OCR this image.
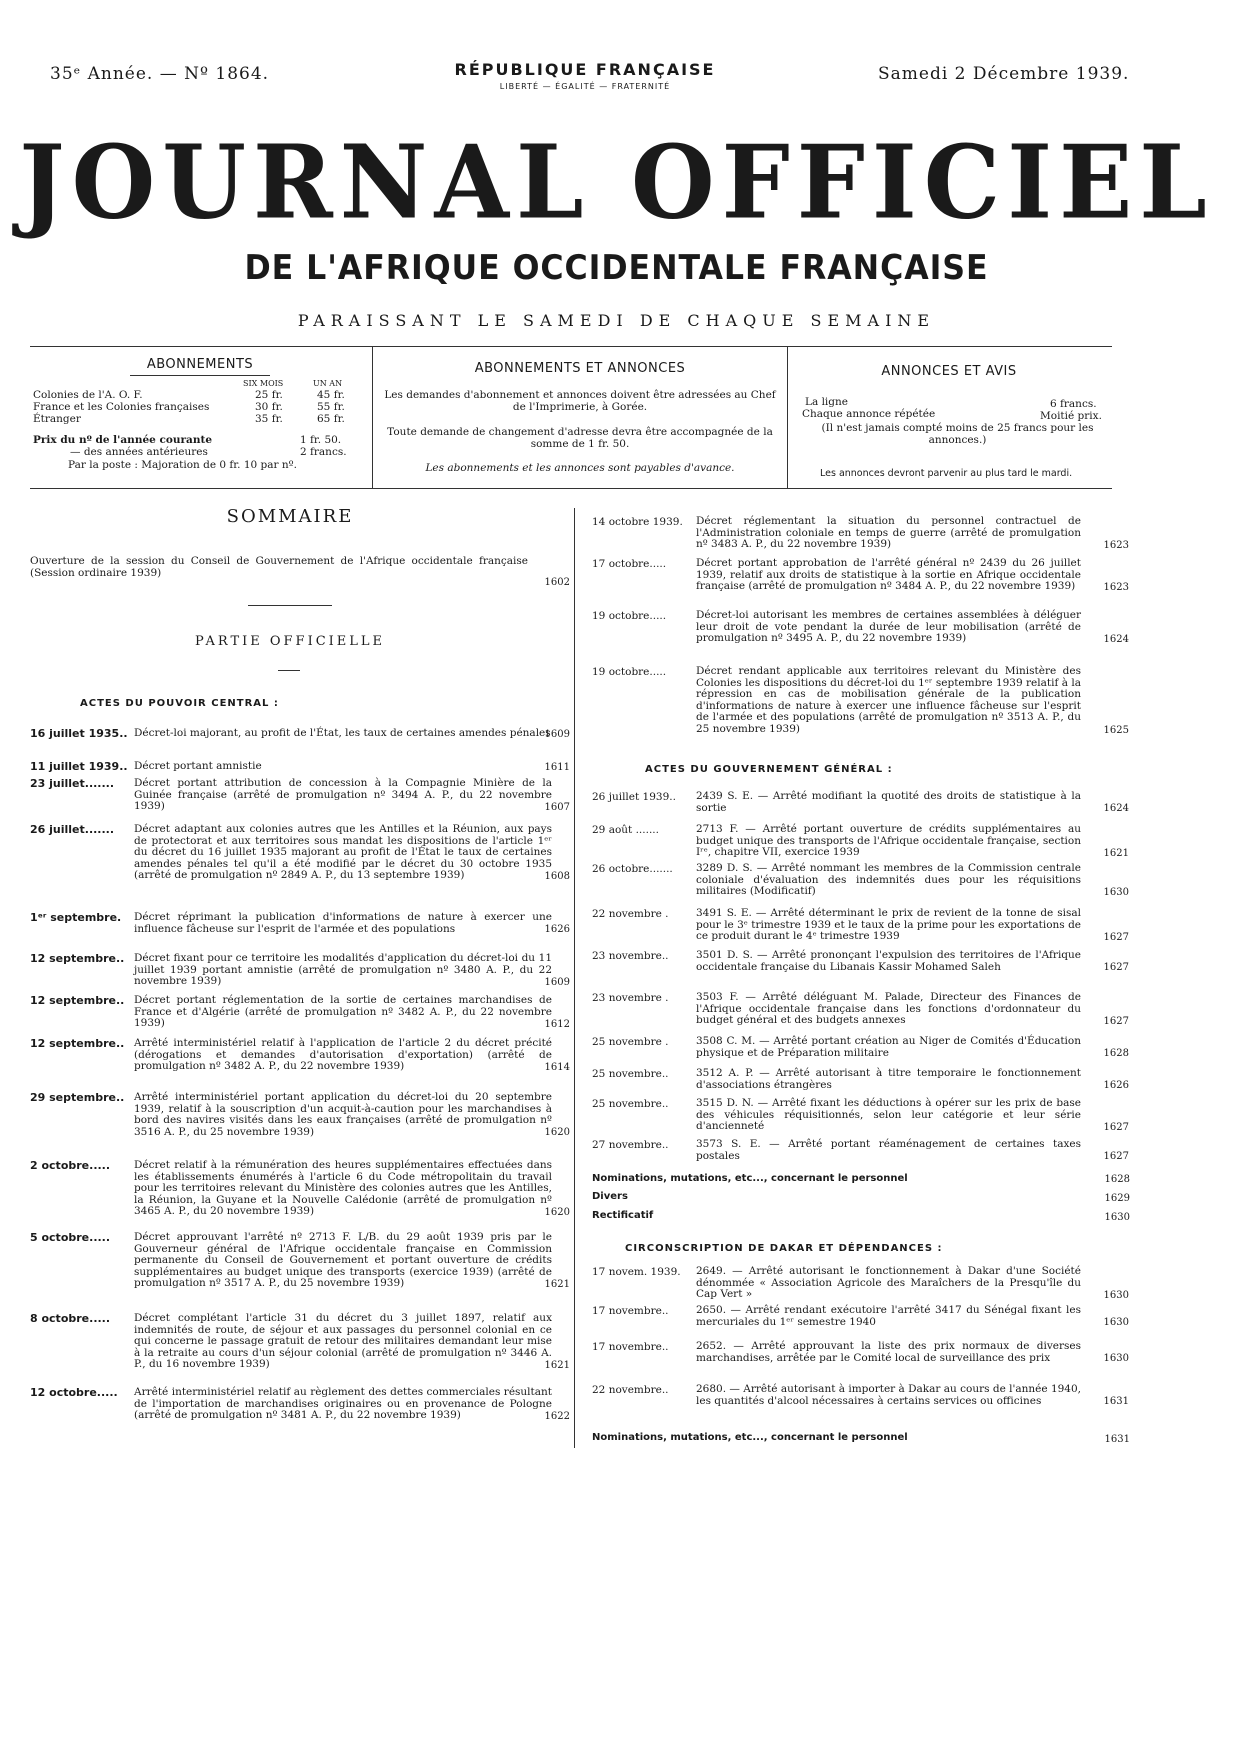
35ᵉ Année. — Nº 1864.	RÉPUBLIQUE FRANÇAISE
LIBERTÉ — ÉGALITÉ — FRATERNITÉ
Samedi 2 Décembre 1939.
JOURNAL OFFICIEL
DE L'AFRIQUE OCCIDENTALE FRANÇAISE
PARAISSANT LE SAMEDI DE CHAQUE SEMAINE
ABONNEMENTS
SIX MOIS	UN AN
Colonies de l'A. O. F.	25 fr.	45 fr.
France et les Colonies françaises	30 fr.	55 fr.
Étranger	35 fr.	65 fr.
Prix du nº de l'année courante	1 fr. 50.
— des années antérieures	2 francs.
Par la poste : Majoration de 0 fr. 10 par nº.
ABONNEMENTS ET ANNONCES
Les demandes d'abonnement et annonces doivent être adressées au Chef de l'Imprimerie, à Gorée.
Toute demande de changement d'adresse devra être accompagnée de la somme de 1 fr. 50.
Les abonnements et les annonces sont payables d'avance.
ANNONCES ET AVIS
La ligne	6 francs.
Chaque annonce répétée	Moitié prix.
(Il n'est jamais compté moins de 25 francs pour les annonces.)
Les annonces devront parvenir au plus tard le mardi.
SOMMAIRE
Ouverture de la session du Conseil de Gouvernement de l'Afrique occidentale française (Session ordinaire 1939)
1602
PARTIE OFFICIELLE
ACTES DU POUVOIR CENTRAL :
16 juillet 1935.. Décret-loi majorant, au profit de l'État, les taux de certaines amendes pénales
1609
11 juillet 1939.. Décret portant amnistie	1611
23 juillet.......	Décret portant attribution de concession à la Compagnie Minière de la Guinée française (arrêté de promulgation nº 3494 A. P., du 22 novembre 1939)	1607
26 juillet.......	Décret adaptant aux colonies autres que les Antilles et la Réunion, aux pays de protectorat et aux territoires sous mandat les dispositions de l'article 1ᵉʳ du décret du 16 juillet 1935 majorant au profit de l'État le taux de certaines amendes pénales tel qu'il a été modifié par le décret du 30 octobre 1935 (arrêté de promulgation nº 2849 A. P., du 13 septembre 1939)	1608
1ᵉʳ septembre.	Décret réprimant la publication d'informations de nature à exercer une influence fâcheuse sur l'esprit de l'armée et des populations	1626
12 septembre.. Décret fixant pour ce territoire les modalités d'application du décret-loi du 11 juillet 1939 portant amnistie (arrêté de promulgation nº 3480 A. P., du 22 novembre 1939)	1609
12 septembre.. Décret portant réglementation de la sortie de certaines marchandises de France et d'Algérie (arrêté de promulgation nº 3482 A. P., du 22 novembre 1939)	1612
12 septembre.. Arrêté interministériel relatif à l'application de l'article 2 du décret précité (dérogations et demandes d'autorisation d'exportation) (arrêté de promulgation nº 3482 A. P., du 22 novembre 1939)	1614
29 septembre.. Arrêté interministériel portant application du décret-loi du 20 septembre 1939, relatif à la souscription d'un acquit-à-caution pour les marchandises à bord des navires visités dans les eaux françaises (arrêté de promulgation nº 3516 A. P., du 25 novembre 1939)	1620
2 octobre.....	Décret relatif à la rémunération des heures supplémentaires effectuées dans les établissements énumérés à l'article 6 du Code métropolitain du travail pour les territoires relevant du Ministère des colonies autres que les Antilles, la Réunion, la Guyane et la Nouvelle Calédonie (arrêté de promulgation nº 3465 A. P., du 20 novembre 1939)	1620
5 octobre.....	Décret approuvant l'arrêté nº 2713 F. L/B. du 29 août 1939 pris par le Gouverneur général de l'Afrique occidentale française en Commission permanente du Conseil de Gouvernement et portant ouverture de crédits supplémentaires au budget unique des transports (exercice 1939) (arrêté de promulgation nº 3517 A. P., du 25 novembre 1939)	1621
8 octobre.....	Décret complétant l'article 31 du décret du 3 juillet 1897, relatif aux indemnités de route, de séjour et aux passages du personnel colonial en ce qui concerne le passage gratuit de retour des militaires demandant leur mise à la retraite au cours d'un séjour colonial (arrêté de promulgation nº 3446 A. P., du 16 novembre 1939)	1621
12 octobre.....	Arrêté interministériel relatif au règlement des dettes commerciales résultant de l'importation de marchandises originaires ou en provenance de Pologne (arrêté de promulgation nº 3481 A. P., du 22 novembre 1939)	1622
14 octobre 1939.	Décret réglementant la situation du personnel contractuel de l'Administration coloniale en temps de guerre (arrêté de promulgation nº 3483 A. P., du 22 novembre 1939)	1623
17 octobre.....	Décret portant approbation de l'arrêté général nº 2439 du 26 juillet 1939, relatif aux droits de statistique à la sortie en Afrique occidentale française (arrêté de promulgation nº 3484 A. P., du 22 novembre 1939)	1623
19 octobre.....	Décret-loi autorisant les membres de certaines assemblées à déléguer leur droit de vote pendant la durée de leur mobilisation (arrêté de promulgation nº 3495 A. P., du 22 novembre 1939)	1624
19 octobre.....	Décret rendant applicable aux territoires relevant du Ministère des Colonies les dispositions du décret-loi du 1ᵉʳ septembre 1939 relatif à la répression en cas de mobilisation générale de la publication d'informations de nature à exercer une influence fâcheuse sur l'esprit de l'armée et des populations (arrêté de promulgation nº 3513 A. P., du 25 novembre 1939)	1625
ACTES DU GOUVERNEMENT GÉNÉRAL :
26 juillet 1939..	2439 S. E. — Arrêté modifiant la quotité des droits de statistique à la sortie	1624
29 août .......	2713 F. — Arrêté portant ouverture de crédits supplémentaires au budget unique des transports de l'Afrique occidentale française, section Iʳᵉ, chapitre VII, exercice 1939	1621
26 octobre.......	3289 D. S. — Arrêté nommant les membres de la Commission centrale coloniale d'évaluation des indemnités dues pour les réquisitions militaires (Modificatif)	1630
22 novembre .	3491 S. E. — Arrêté déterminant le prix de revient de la tonne de sisal pour le 3ᵉ trimestre 1939 et le taux de la prime pour les exportations de ce produit durant le 4ᵉ trimestre 1939	1627
23 novembre..	3501 D. S. — Arrêté prononçant l'expulsion des territoires de l'Afrique occidentale française du Libanais Kassir Mohamed Saleh	1627
23 novembre .	3503 F. — Arrêté déléguant M. Palade, Directeur des Finances de l'Afrique occidentale française dans les fonctions d'ordonnateur du budget général et des budgets annexes	1627
25 novembre .	3508 C. M. — Arrêté portant création au Niger de Comités d'Éducation physique et de Préparation militaire	1628
25 novembre..	3512 A. P. — Arrêté autorisant à titre temporaire le fonctionnement d'associations étrangères	1626
25 novembre..	3515 D. N. — Arrêté fixant les déductions à opérer sur les prix de base des véhicules réquisitionnés, selon leur catégorie et leur série d'ancienneté	1627
27 novembre..	3573 S. E. — Arrêté portant réaménagement de certaines taxes postales	1627
Nominations, mutations, etc..., concernant le personnel	1628
Divers	1629
Rectificatif	1630
CIRCONSCRIPTION DE DAKAR ET DÉPENDANCES :
17 novem. 1939.	2649. — Arrêté autorisant le fonctionnement à Dakar d'une Société dénommée « Association Agricole des Maraîchers de la Presqu'île du Cap Vert »	1630
17 novembre..	2650. — Arrêté rendant exécutoire l'arrêté 3417 du Sénégal fixant les mercuriales du 1ᵉʳ semestre 1940	1630
17 novembre..	2652. — Arrêté approuvant la liste des prix normaux de diverses marchandises, arrêtée par le Comité local de surveillance des prix	1630
22 novembre..	2680. — Arrêté autorisant à importer à Dakar au cours de l'année 1940, les quantités d'alcool nécessaires à certains services ou officines	1631
Nominations, mutations, etc..., concernant le personnel	1631
